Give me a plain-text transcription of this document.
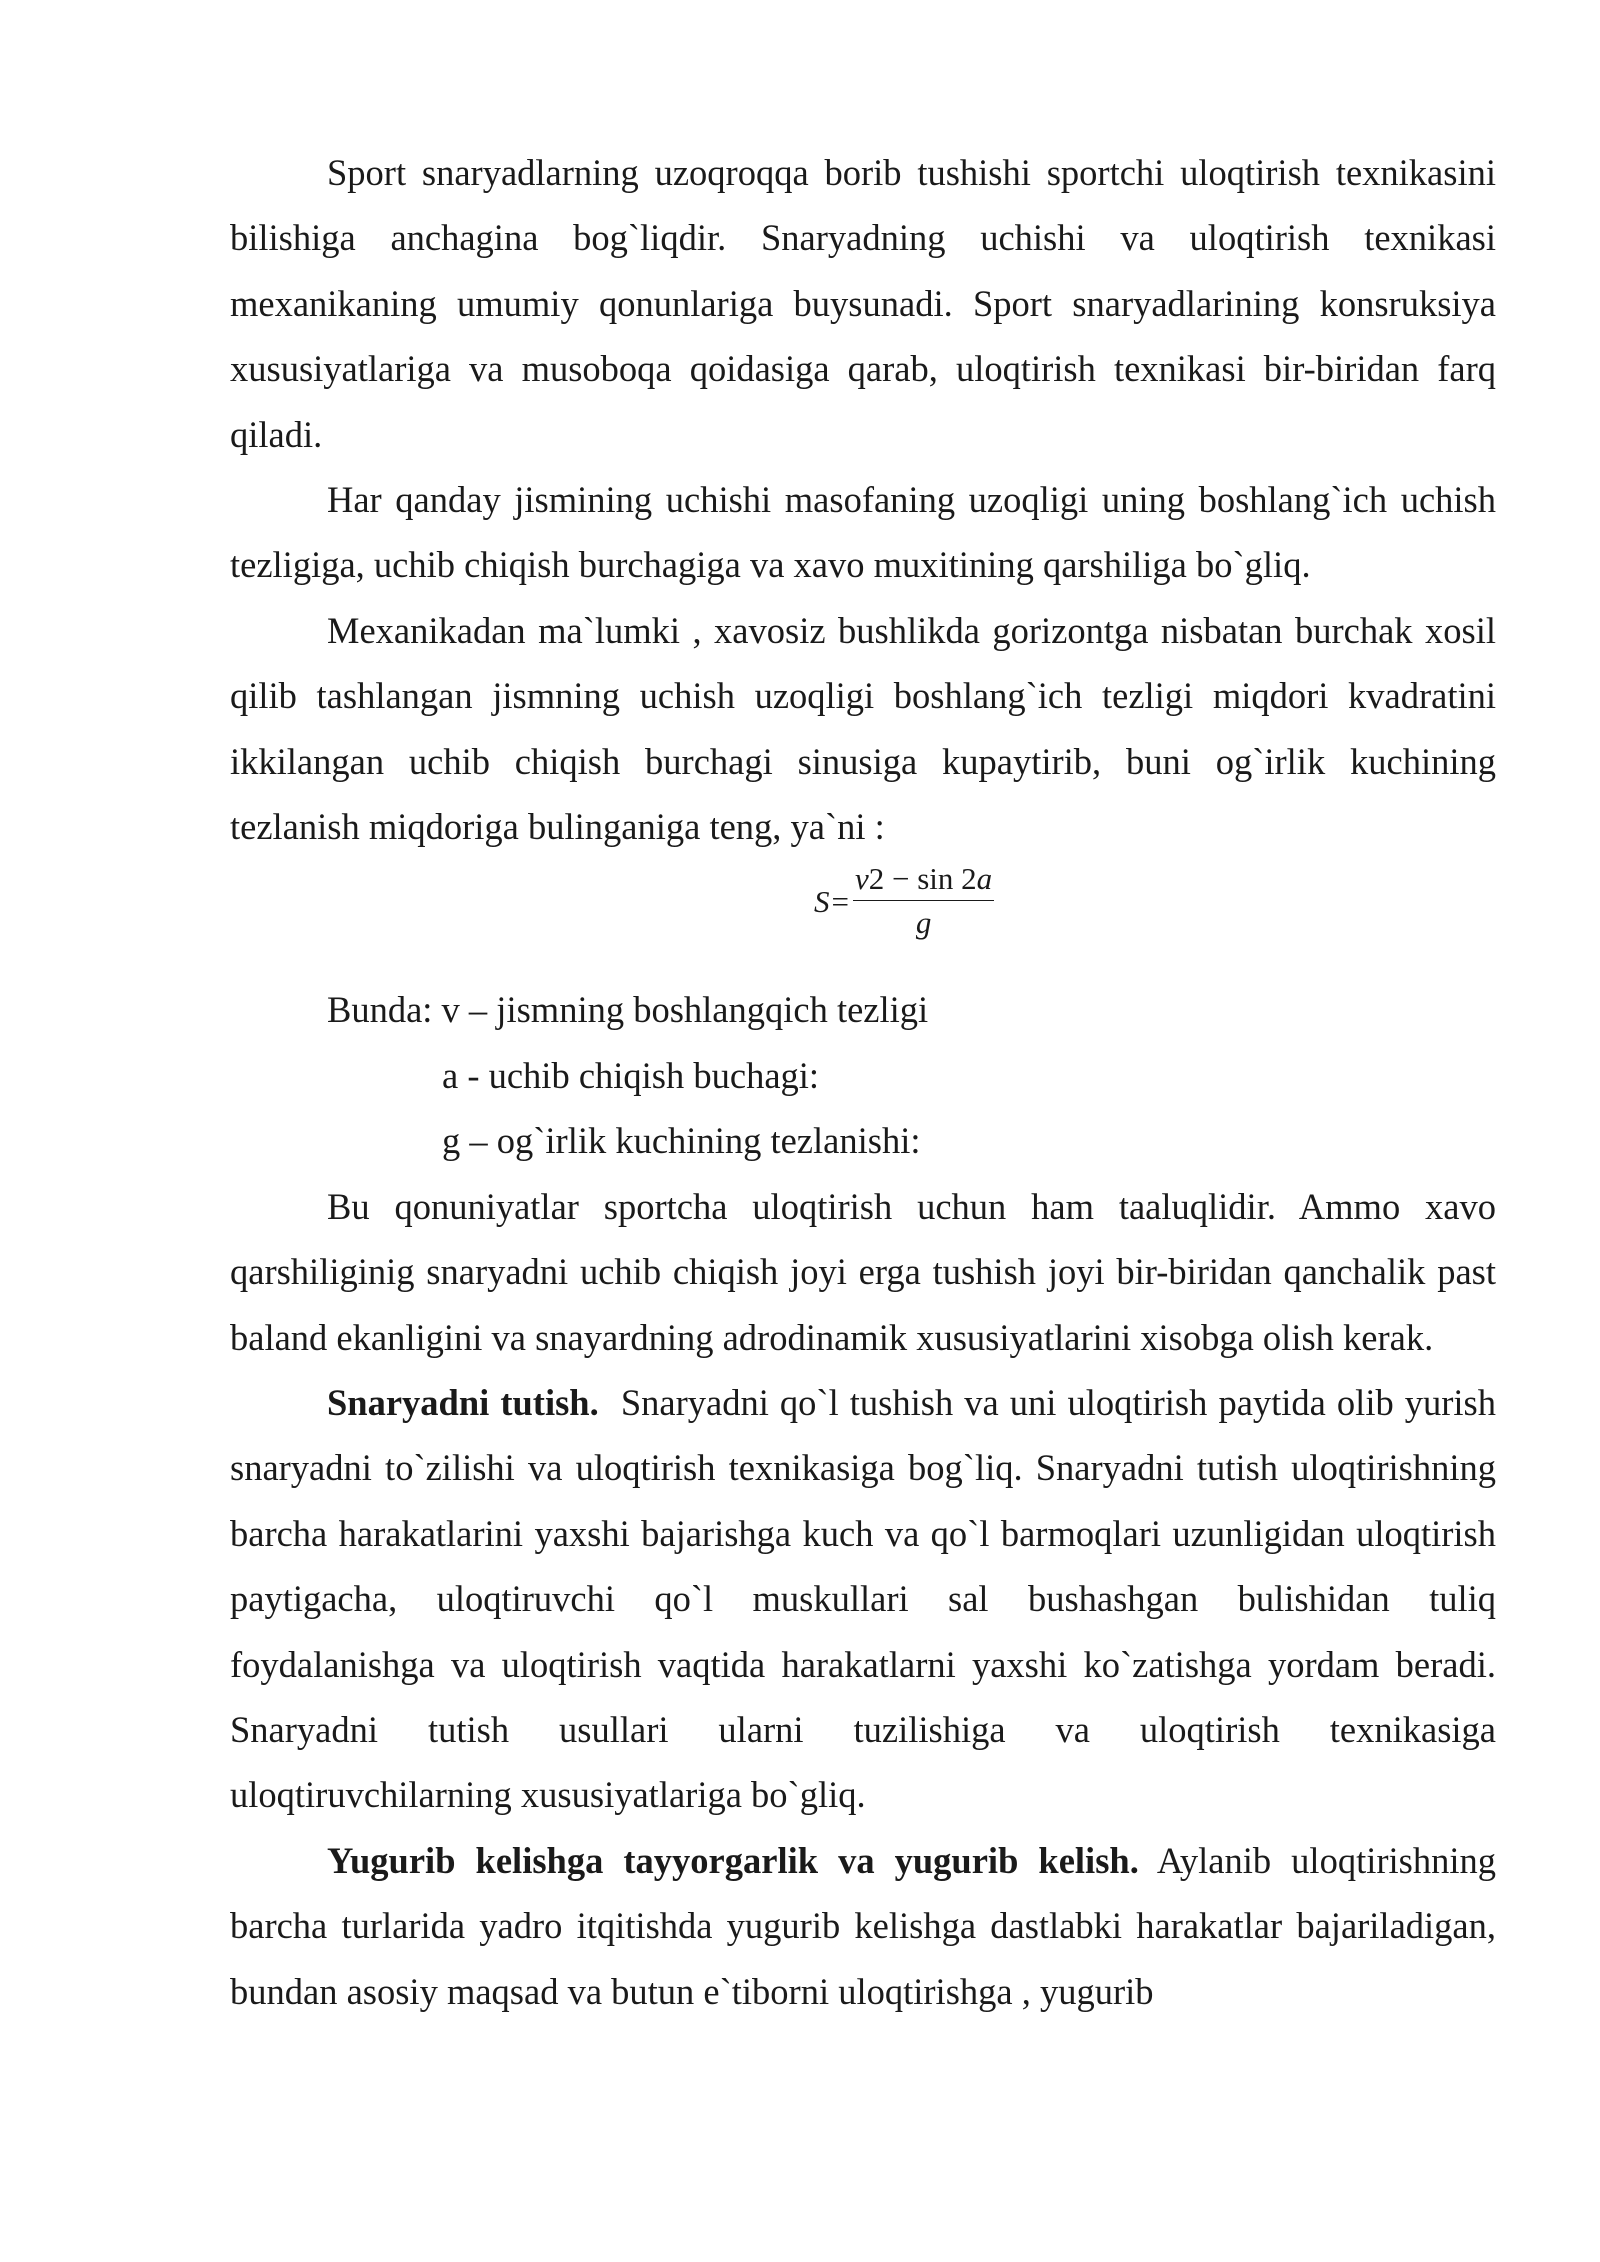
Sport snaryadlarning uzoqroqqa borib tushishi sportchi uloqtirish texnikasini bilishiga anchagina bog`liqdir. Snaryadning uchishi va uloqtirish texnikasi mexanikaning umumiy qonunlariga buysunadi. Sport snaryadlarining konsruksiya xususiyatlariga va musoboqa qoidasiga qarab, uloqtirish texnikasi bir-biridan farq qiladi.

Har qanday jismining uchishi masofaning uzoqligi uning boshlang`ich uchish tezligiga, uchib chiqish burchagiga va xavo muxitining qarshiliga bo`gliq.

Mexanikadan ma`lumki , xavosiz bushlikda gorizontga nisbatan burchak xosil qilib tashlangan jismning uchish uzoqligi boshlang`ich tezligi miqdori kvadratini ikkilangan uchib chiqish burchagi sinusiga kupaytirib, buni og`irlik kuchining tezlanish miqdoriga bulinganiga teng, ya`ni :

$S = \frac{v2 - \sin 2a}{g}$

Bunda: v – jismning boshlangqich tezligi

a - uchib chiqish buchagi:

g – og`irlik kuchining tezlanishi:

Bu qonuniyatlar sportcha uloqtirish uchun ham taaluqlidir. Ammo xavo qarshiliginig snaryadni uchib chiqish joyi erga tushish joyi bir-biridan qanchalik past baland ekanligini va snayardning adrodinamik xususiyatlarini xisobga olish kerak.

Snaryadni tutish. Snaryadni qo`l tushish va uni uloqtirish paytida olib yurish snaryadni to`zilishi va uloqtirish texnikasiga bog`liq. Snaryadni tutish uloqtirishning barcha harakatlarini yaxshi bajarishga kuch va qo`l barmoqlari uzunligidan uloqtirish paytigacha, uloqtiruvchi qo`l muskullari sal bushashgan bulishidan tuliq foydalanishga va uloqtirish vaqtida harakatlarni yaxshi ko`zatishga yordam beradi. Snaryadni tutish usullari ularni tuzilishiga va uloqtirish texnikasiga uloqtiruvchilarning xususiyatlariga bo`gliq.

Yugurib kelishga tayyorgarlik va yugurib kelish. Aylanib uloqtirishning barcha turlarida yadro itqitishda yugurib kelishga dastlabki harakatlar bajariladigan, bundan asosiy maqsad va butun e`tiborni uloqtirishga , yugurib
